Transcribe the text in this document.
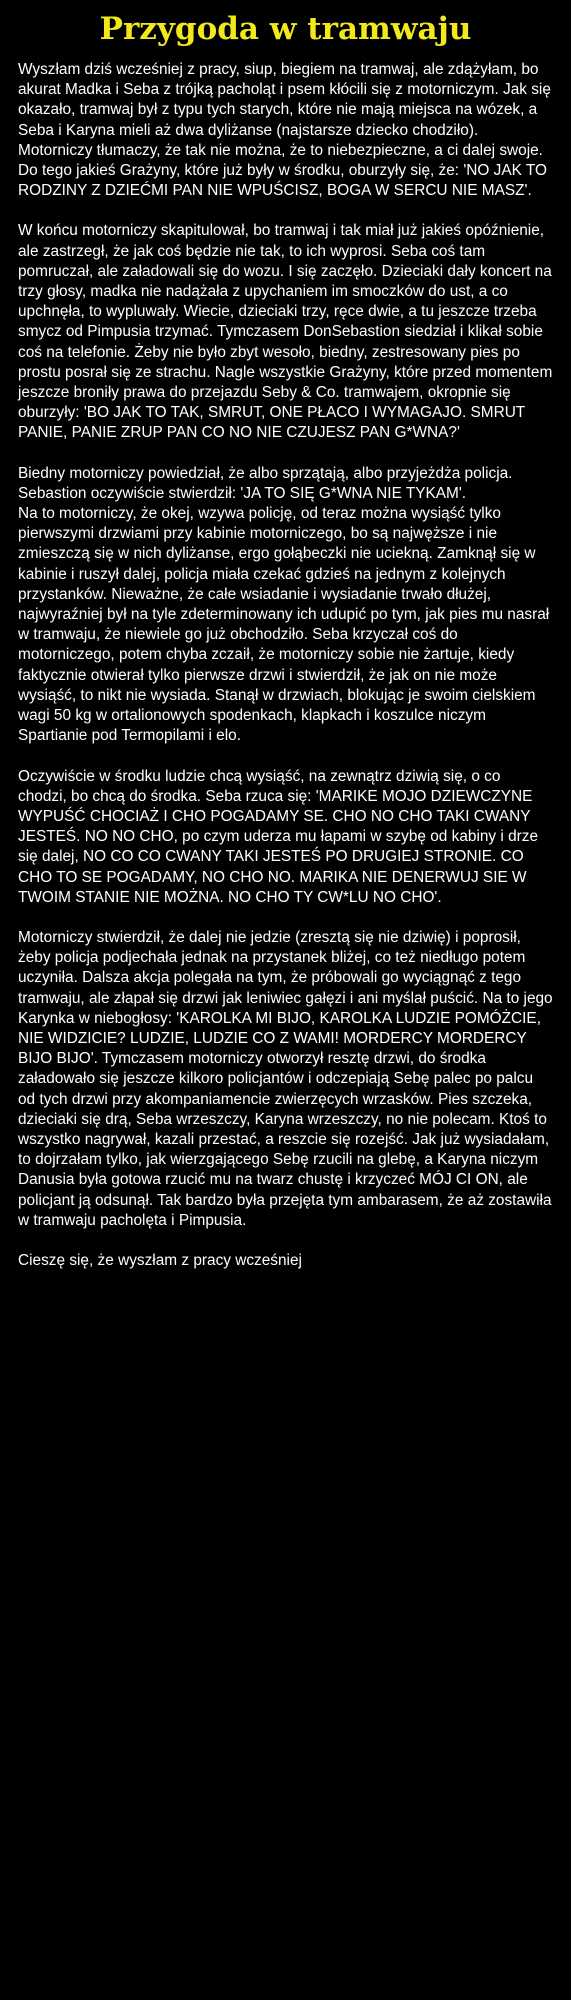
Przygoda w tramwaju

Wyszłam dziś wcześniej z pracy, siup, biegiem na tramwaj, ale zdążyłam, bo akurat Madka i Seba z trójką pacholąt i psem kłócili się z motorniczym. Jak się okazało, tramwaj był z typu tych starych, które nie mają miejsca na wózek, a Seba i Karyna mieli aż dwa dyliżanse (najstarsze dziecko chodziło). Motorniczy tłumaczy, że tak nie można, że to niebezpieczne, a ci dalej swoje. Do tego jakieś Grażyny, które już były w środku, oburzyły się, że: 'NO JAK TO RODZINY Z DZIEĆMI PAN NIE WPUŚCISZ, BOGA W SERCU NIE MASZ'.

W końcu motorniczy skapitulował, bo tramwaj i tak miał już jakieś opóźnienie, ale zastrzegł, że jak coś będzie nie tak, to ich wyprosi. Seba coś tam pomruczał, ale załadowali się do wozu. I się zaczęło. Dzieciaki dały koncert na trzy głosy, madka nie nadążała z upychaniem im smoczków do ust, a co upchnęła, to wypluwały. Wiecie, dzieciaki trzy, ręce dwie, a tu jeszcze trzeba smycz od Pimpusia trzymać. Tymczasem DonSebastion siedział i klikał sobie coś na telefonie. Żeby nie było zbyt wesoło, biedny, zestresowany pies po prostu posrał się ze strachu. Nagle wszystkie Grażyny, które przed momentem jeszcze broniły prawa do przejazdu Seby & Co. tramwajem, okropnie się oburzyły: 'BO JAK TO TAK, SMRUT, ONE PŁACO I WYMAGAJO. SMRUT PANIE, PANIE ZRUP PAN CO NO NIE CZUJESZ PAN G*WNA?'

Biedny motorniczy powiedział, że albo sprzątają, albo przyjeżdża policja. Sebastion oczywiście stwierdził: 'JA TO SIĘ G*WNA NIE TYKAM'.
Na to motorniczy, że okej, wzywa policję, od teraz można wysiąść tylko pierwszymi drzwiami przy kabinie motorniczego, bo są najwęższe i nie zmieszczą się w nich dyliżanse, ergo gołąbeczki nie uciekną. Zamknął się w kabinie i ruszył dalej, policja miała czekać gdzieś na jednym z kolejnych przystanków. Nieważne, że całe wsiadanie i wysiadanie trwało dłużej, najwyraźniej był na tyle zdeterminowany ich udupić po tym, jak pies mu nasrał w tramwaju, że niewiele go już obchodziło. Seba krzyczał coś do motorniczego, potem chyba zczaił, że motorniczy sobie nie żartuje, kiedy faktycznie otwierał tylko pierwsze drzwi i stwierdził, że jak on nie może wysiąść, to nikt nie wysiada. Stanął w drzwiach, blokując je swoim cielskiem wagi 50 kg w ortalionowych spodenkach, klapkach i koszulce niczym Spartianie pod Termopilami i elo.

Oczywiście w środku ludzie chcą wysiąść, na zewnątrz dziwią się, o co chodzi, bo chcą do środka. Seba rzuca się: 'MARIKE MOJO DZIEWCZYNE WYPUŚĆ CHOCIAŻ I CHO POGADAMY SE. CHO NO CHO TAKI CWANY JESTEŚ. NO NO CHO, po czym uderza mu łapami w szybę od kabiny i drze się dalej, NO CO CO CWANY TAKI JESTEŚ PO DRUGIEJ STRONIE. CO CHO TO SE POGADAMY, NO CHO NO. MARIKA NIE DENERWUJ SIE W TWOIM STANIE NIE MOŻNA. NO CHO TY CW*LU NO CHO'.

Motorniczy stwierdził, że dalej nie jedzie (zresztą się nie dziwię) i poprosił, żeby policja podjechała jednak na przystanek bliżej, co też niedługo potem uczyniła. Dalsza akcja polegała na tym, że próbowali go wyciągnąć z tego tramwaju, ale złapał się drzwi jak leniwiec gałęzi i ani myślał puścić. Na to jego Karynka w niebogłosy: 'KAROLKA MI BIJO, KAROLKA LUDZIE POMÓŻCIE, NIE WIDZICIE? LUDZIE, LUDZIE CO Z WAMI! MORDERCY MORDERCY BIJO BIJO'. Tymczasem motorniczy otworzył resztę drzwi, do środka załadowało się jeszcze kilkoro policjantów i odczepiają Sebę palec po palcu od tych drzwi przy akompaniamencie zwierzęcych wrzasków. Pies szczeka, dzieciaki się drą, Seba wrzeszczy, Karyna wrzeszczy, no nie polecam. Ktoś to wszystko nagrywał, kazali przestać, a reszcie się rozejść. Jak już wysiadałam, to dojrzałam tylko, jak wierzgającego Sebę rzucili na glebę, a Karyna niczym Danusia była gotowa rzucić mu na twarz chustę i krzyczeć MÓJ CI ON, ale policjant ją odsunął. Tak bardzo była przejęta tym ambarasem, że aż zostawiła w tramwaju pacholęta i Pimpusia.

Cieszę się, że wyszłam z pracy wcześniej
